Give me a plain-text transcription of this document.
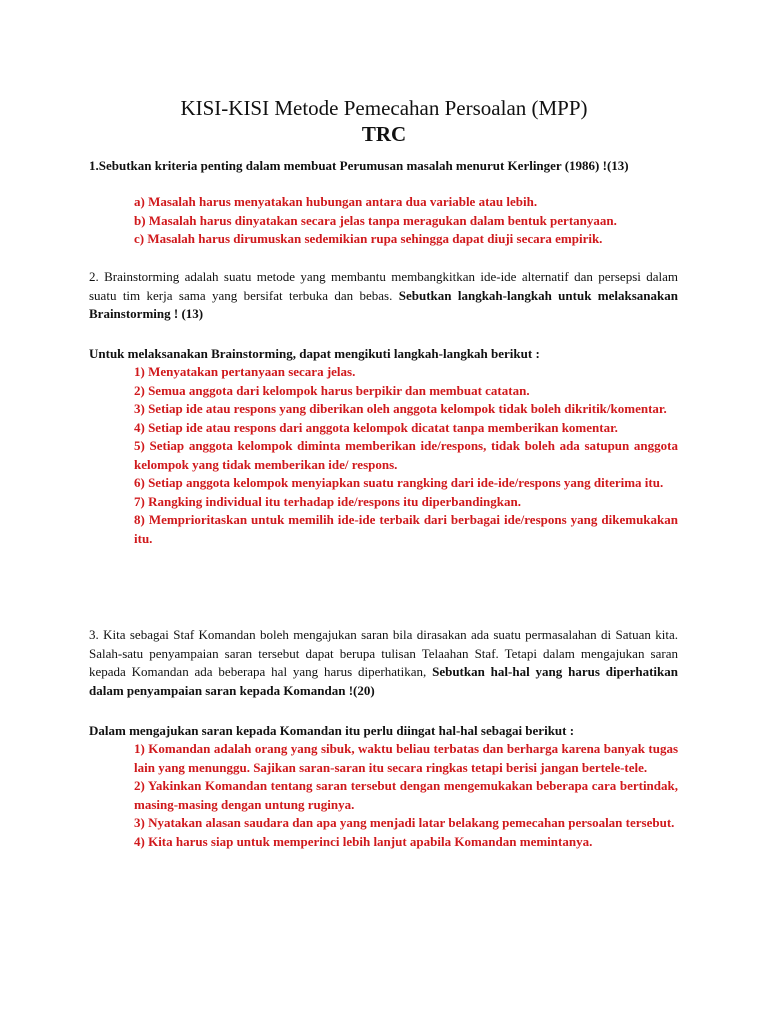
KISI-KISI Metode Pemecahan Persoalan (MPP)
TRC
1.Sebutkan kriteria penting dalam membuat Perumusan masalah menurut Kerlinger (1986) !(13)
a) Masalah harus menyatakan hubungan antara dua variable atau lebih.
b) Masalah harus dinyatakan secara jelas tanpa meragukan dalam bentuk pertanyaan.
c) Masalah harus dirumuskan sedemikian rupa sehingga dapat diuji secara empirik.
2. Brainstorming adalah suatu metode yang membantu membangkitkan ide-ide alternatif dan persepsi dalam suatu tim kerja sama yang bersifat terbuka dan bebas. Sebutkan langkah-langkah untuk melaksanakan Brainstorming ! (13)
Untuk melaksanakan Brainstorming, dapat mengikuti langkah-langkah berikut :
1) Menyatakan pertanyaan secara jelas.
2) Semua anggota dari kelompok harus berpikir dan membuat catatan.
3) Setiap ide atau respons yang diberikan oleh anggota kelompok tidak boleh dikritik/komentar.
4) Setiap ide atau respons dari anggota kelompok dicatat tanpa memberikan komentar.
5) Setiap anggota kelompok diminta memberikan ide/respons, tidak boleh ada satupun anggota kelompok yang tidak memberikan ide/ respons.
6) Setiap anggota kelompok menyiapkan suatu rangking dari ide-ide/respons yang diterima itu.
7) Rangking individual itu terhadap ide/respons itu diperbandingkan.
8) Memprioritaskan untuk memilih ide-ide terbaik dari berbagai ide/respons yang dikemukakan itu.
3. Kita sebagai Staf Komandan boleh mengajukan saran bila dirasakan ada suatu permasalahan di Satuan kita. Salah-satu penyampaian saran tersebut dapat berupa tulisan Telaahan Staf. Tetapi dalam mengajukan saran kepada Komandan ada beberapa hal yang harus diperhatikan, Sebutkan hal-hal yang harus diperhatikan dalam penyampaian saran kepada Komandan !(20)
Dalam mengajukan saran kepada Komandan itu perlu diingat hal-hal sebagai berikut :
1) Komandan adalah orang yang sibuk, waktu beliau terbatas dan berharga karena banyak tugas lain yang menunggu. Sajikan saran-saran itu secara ringkas tetapi berisi jangan bertele-tele.
2) Yakinkan Komandan tentang saran tersebut dengan mengemukakan beberapa cara bertindak, masing-masing dengan untung ruginya.
3) Nyatakan alasan saudara dan apa yang menjadi latar belakang pemecahan persoalan tersebut.
4) Kita harus siap untuk memperinci lebih lanjut apabila Komandan memintanya.
